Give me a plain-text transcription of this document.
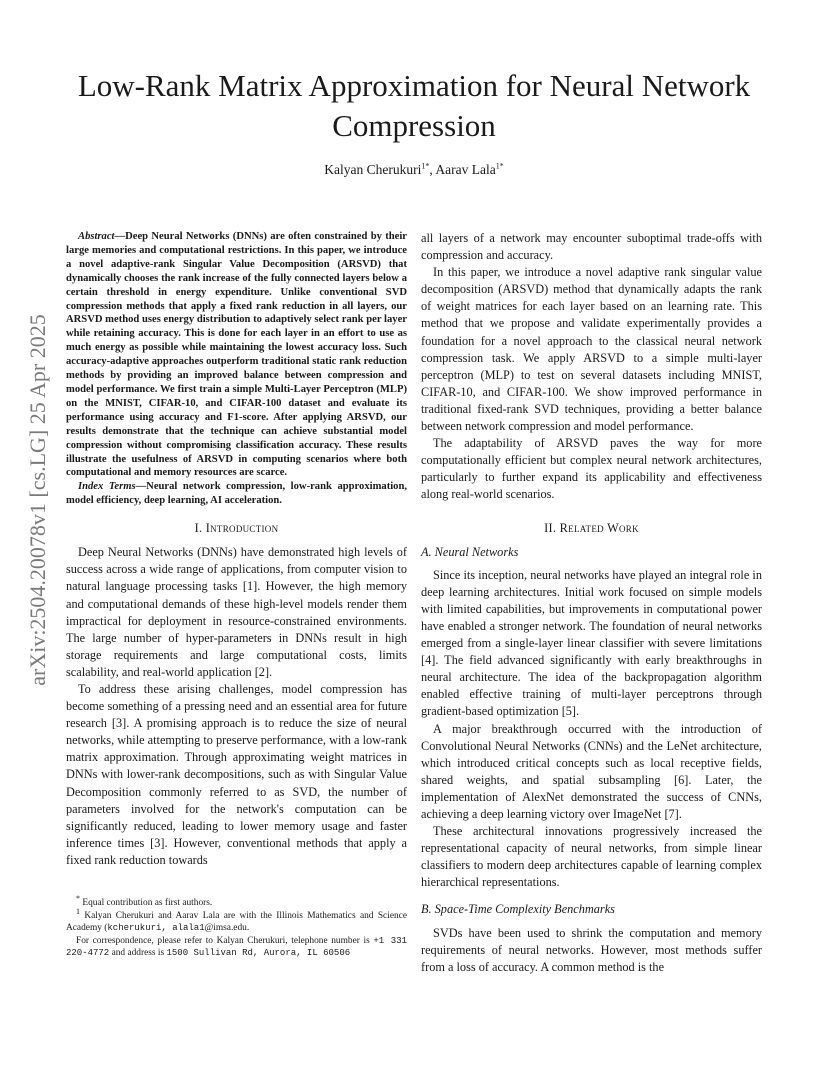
Low-Rank Matrix Approximation for Neural Network Compression
Kalyan Cherukuri$^{1*}$, Aarav Lala$^{1*}$
arXiv:2504.20078v1 [cs.LG] 25 Apr 2025

Abstract—Deep Neural Networks (DNNs) are often constrained by their large memories and computational restrictions. In this paper, we introduce a novel adaptive-rank Singular Value Decomposition (ARSVD) that dynamically chooses the rank increase of the fully connected layers below a certain threshold in energy expenditure. Unlike conventional SVD compression methods that apply a fixed rank reduction in all layers, our ARSVD method uses energy distribution to adaptively select rank per layer while retaining accuracy. This is done for each layer in an effort to use as much energy as possible while maintaining the lowest accuracy loss. Such accuracy-adaptive approaches outperform traditional static rank reduction methods by providing an improved balance between compression and model performance. We first train a simple Multi-Layer Perceptron (MLP) on the MNIST, CIFAR-10, and CIFAR-100 dataset and evaluate its performance using accuracy and F1-score. After applying ARSVD, our results demonstrate that the technique can achieve substantial model compression without compromising classification accuracy. These results illustrate the usefulness of ARSVD in computing scenarios where both computational and memory resources are scarce.

Index Terms—Neural network compression, low-rank approximation, model efficiency, deep learning, AI acceleration.

I. Introduction

Deep Neural Networks (DNNs) have demonstrated high levels of success across a wide range of applications, from computer vision to natural language processing tasks [1]. However, the high memory and computational demands of these high-level models render them impractical for deployment in resource-constrained environments. The large number of hyper-parameters in DNNs result in high storage requirements and large computational costs, limits scalability, and real-world application [2].

To address these arising challenges, model compression has become something of a pressing need and an essential area for future research [3]. A promising approach is to reduce the size of neural networks, while attempting to preserve performance, with a low-rank matrix approximation. Through approximating weight matrices in DNNs with lower-rank decompositions, such as with Singular Value Decomposition commonly referred to as SVD, the number of parameters involved for the network's computation can be significantly reduced, leading to lower memory usage and faster inference times [3]. However, conventional methods that apply a fixed rank reduction towards

* Equal contribution as first authors.

$^1$ Kalyan Cherukuri and Aarav Lala are with the Illinois Mathematics and Science Academy (kcherukuri, alala1@imsa.edu.

For correspondence, please refer to Kalyan Cherukuri, telephone number is +1 331 220-4772 and address is 1500 Sullivan Rd, Aurora, IL 60506

all layers of a network may encounter suboptimal trade-offs with compression and accuracy.

In this paper, we introduce a novel adaptive rank singular value decomposition (ARSVD) method that dynamically adapts the rank of weight matrices for each layer based on an learning rate. This method that we propose and validate experimentally provides a foundation for a novel approach to the classical neural network compression task. We apply ARSVD to a simple multi-layer perceptron (MLP) to test on several datasets including MNIST, CIFAR-10, and CIFAR-100. We show improved performance in traditional fixed-rank SVD techniques, providing a better balance between network compression and model performance.

The adaptability of ARSVD paves the way for more computationally efficient but complex neural network architectures, particularly to further expand its applicability and effectiveness along real-world scenarios.

II. Related Work
A. Neural Networks

Since its inception, neural networks have played an integral role in deep learning architectures. Initial work focused on simple models with limited capabilities, but improvements in computational power have enabled a stronger network. The foundation of neural networks emerged from a single-layer linear classifier with severe limitations [4]. The field advanced significantly with early breakthroughs in neural architecture. The idea of the backpropagation algorithm enabled effective training of multi-layer perceptrons through gradient-based optimization [5].

A major breakthrough occurred with the introduction of Convolutional Neural Networks (CNNs) and the LeNet architecture, which introduced critical concepts such as local receptive fields, shared weights, and spatial subsampling [6]. Later, the implementation of AlexNet demonstrated the success of CNNs, achieving a deep learning victory over ImageNet [7].

These architectural innovations progressively increased the representational capacity of neural networks, from simple linear classifiers to modern deep architectures capable of learning complex hierarchical representations.

B. Space-Time Complexity Benchmarks

SVDs have been used to shrink the computation and memory requirements of neural networks. However, most methods suffer from a loss of accuracy. A common method is the
